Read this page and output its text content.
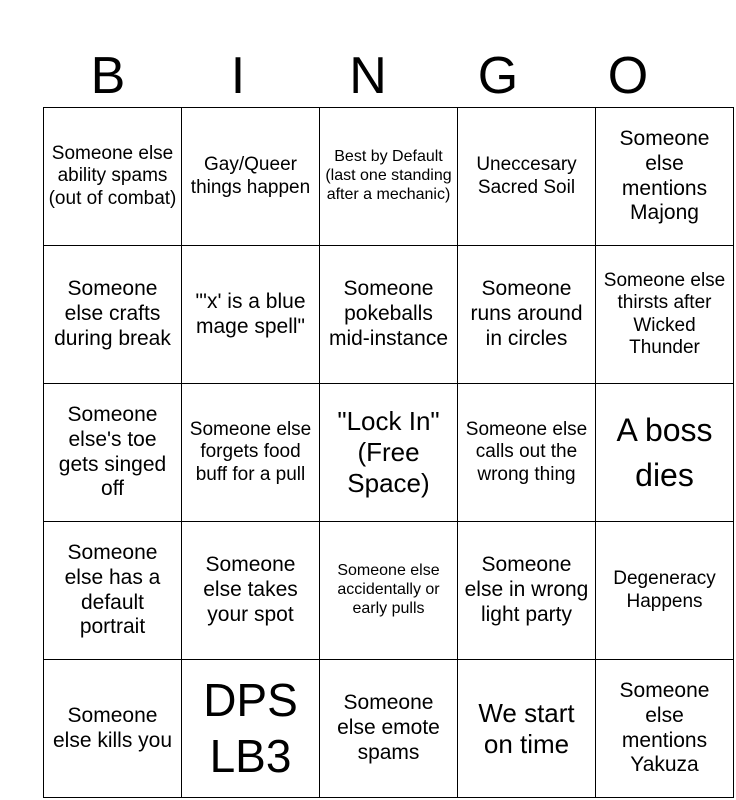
B	I	N	G	O
Someone else ability spams (out of combat)	Gay/Queer things happen	Best by Default (last one standing after a mechanic)	Uneccesary Sacred Soil	Someone else mentions Majong
Someone else crafts during break	"'x' is a blue mage spell"	Someone pokeballs mid-instance	Someone runs around in circles	Someone else thirsts after Wicked Thunder
Someone else's toe gets singed off	Someone else forgets food buff for a pull	"Lock In" (Free Space)	Someone else calls out the wrong thing	A boss dies
Someone else has a default portrait	Someone else takes your spot	Someone else accidentally or early pulls	Someone else in wrong light party	Degeneracy Happens
Someone else kills you	DPS LB3	Someone else emote spams	We start on time	Someone else mentions Yakuza
